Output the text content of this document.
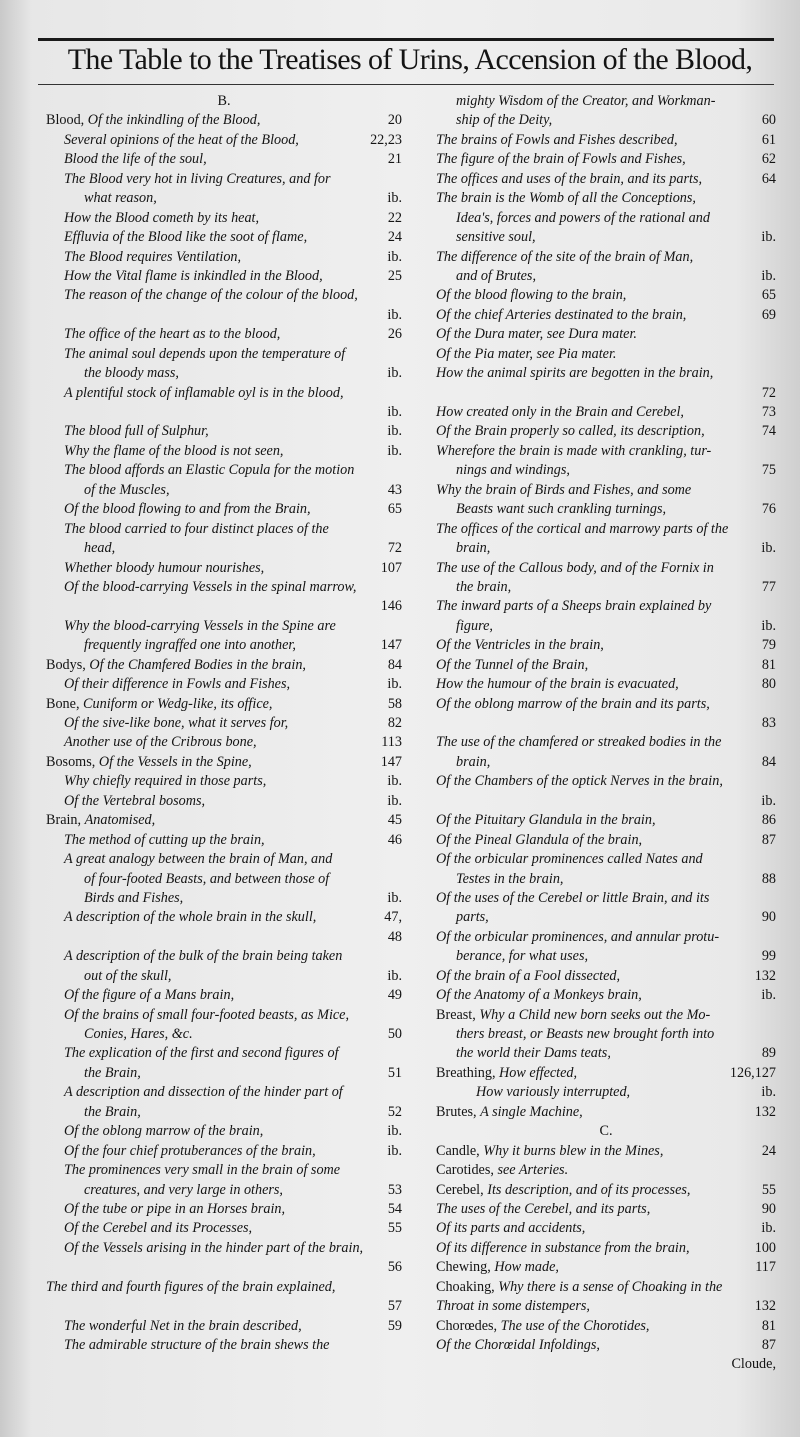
The Table to the Treatises of Urins, Accension of the Blood,
B.
Blood, Of the inkindling of the Blood,	20
Several opinions of the heat of the Blood,	22,23
Blood the life of the soul,	21
The Blood very hot in living Creatures, and for
what reason,	ib.
How the Blood cometh by its heat,	22
Effluvia of the Blood like the soot of flame,	24
The Blood requires Ventilation,	ib.
How the Vital flame is inkindled in the Blood,	25
The reason of the change of the colour of the blood,
ib.
The office of the heart as to the blood,	26
The animal soul depends upon the temperature of
the bloody mass,	ib.
A plentiful stock of inflamable oyl is in the blood,
ib.
The blood full of Sulphur,	ib.
Why the flame of the blood is not seen,	ib.
The blood affords an Elastic Copula for the motion
of the Muscles,	43
Of the blood flowing to and from the Brain,	65
The blood carried to four distinct places of the
head,	72
Whether bloody humour nourishes,	107
Of the blood-carrying Vessels in the spinal marrow,
146
Why the blood-carrying Vessels in the Spine are
frequently ingraffed one into another,	147
Bodys, Of the Chamfered Bodies in the brain,	84
Of their difference in Fowls and Fishes,	ib.
Bone, Cuniform or Wedg-like, its office,	58
Of the sive-like bone, what it serves for,	82
Another use of the Cribrous bone,	113
Bosoms, Of the Vessels in the Spine,	147
Why chiefly required in those parts,	ib.
Of the Vertebral bosoms,	ib.
Brain, Anatomised,	45
The method of cutting up the brain,	46
A great analogy between the brain of Man, and
of four-footed Beasts, and between those of
Birds and Fishes,	ib.
A description of the whole brain in the skull,	47,
48
A description of the bulk of the brain being taken
out of the skull,	ib.
Of the figure of a Mans brain,	49
Of the brains of small four-footed beasts, as Mice,
Conies, Hares, &c.	50
The explication of the first and second figures of
the Brain,	51
A description and dissection of the hinder part of
the Brain,	52
Of the oblong marrow of the brain,	ib.
Of the four chief protuberances of the brain,	ib.
The prominences very small in the brain of some
creatures, and very large in others,	53
Of the tube or pipe in an Horses brain,	54
Of the Cerebel and its Processes,	55
Of the Vessels arising in the hinder part of the brain,
56
The third and fourth figures of the brain explained,
57
The wonderful Net in the brain described,	59
The admirable structure of the brain shews the
mighty Wisdom of the Creator, and Workman-
ship of the Deity,	60
The brains of Fowls and Fishes described,	61
The figure of the brain of Fowls and Fishes,	62
The offices and uses of the brain, and its parts,	64
The brain is the Womb of all the Conceptions,
Idea's, forces and powers of the rational and
sensitive soul,	ib.
The difference of the site of the brain of Man,
and of Brutes,	ib.
Of the blood flowing to the brain,	65
Of the chief Arteries destinated to the brain,	69
Of the Dura mater, see Dura mater.
Of the Pia mater, see Pia mater.
How the animal spirits are begotten in the brain,
72
How created only in the Brain and Cerebel,	73
Of the Brain properly so called, its description,	74
Wherefore the brain is made with crankling, tur-
nings and windings,	75
Why the brain of Birds and Fishes, and some
Beasts want such crankling turnings,	76
The offices of the cortical and marrowy parts of the
brain,	ib.
The use of the Callous body, and of the Fornix in
the brain,	77
The inward parts of a Sheeps brain explained by
figure,	ib.
Of the Ventricles in the brain,	79
Of the Tunnel of the Brain,	81
How the humour of the brain is evacuated,	80
Of the oblong marrow of the brain and its parts,
83
The use of the chamfered or streaked bodies in the
brain,	84
Of the Chambers of the optick Nerves in the brain,
ib.
Of the Pituitary Glandula in the brain,	86
Of the Pineal Glandula of the brain,	87
Of the orbicular prominences called Nates and
Testes in the brain,	88
Of the uses of the Cerebel or little Brain, and its
parts,	90
Of the orbicular prominences, and annular protu-
berance, for what uses,	99
Of the brain of a Fool dissected,	132
Of the Anatomy of a Monkeys brain,	ib.
Breast, Why a Child new born seeks out the Mo-
thers breast, or Beasts new brought forth into
the world their Dams teats,	89
Breathing, How effected,	126,127
How variously interrupted,	ib.
Brutes, A single Machine,	132
C.
Candle, Why it burns blew in the Mines,	24
Carotides, see Arteries.
Cerebel, Its description, and of its processes,	55
The uses of the Cerebel, and its parts,	90
Of its parts and accidents,	ib.
Of its difference in substance from the brain,	100
Chewing, How made,	117
Choaking, Why there is a sense of Choaking in the
Throat in some distempers,	132
Chorœdes, The use of the Chorotides,	81
Of the Chorœidal Infoldings,	87
Cloude,
